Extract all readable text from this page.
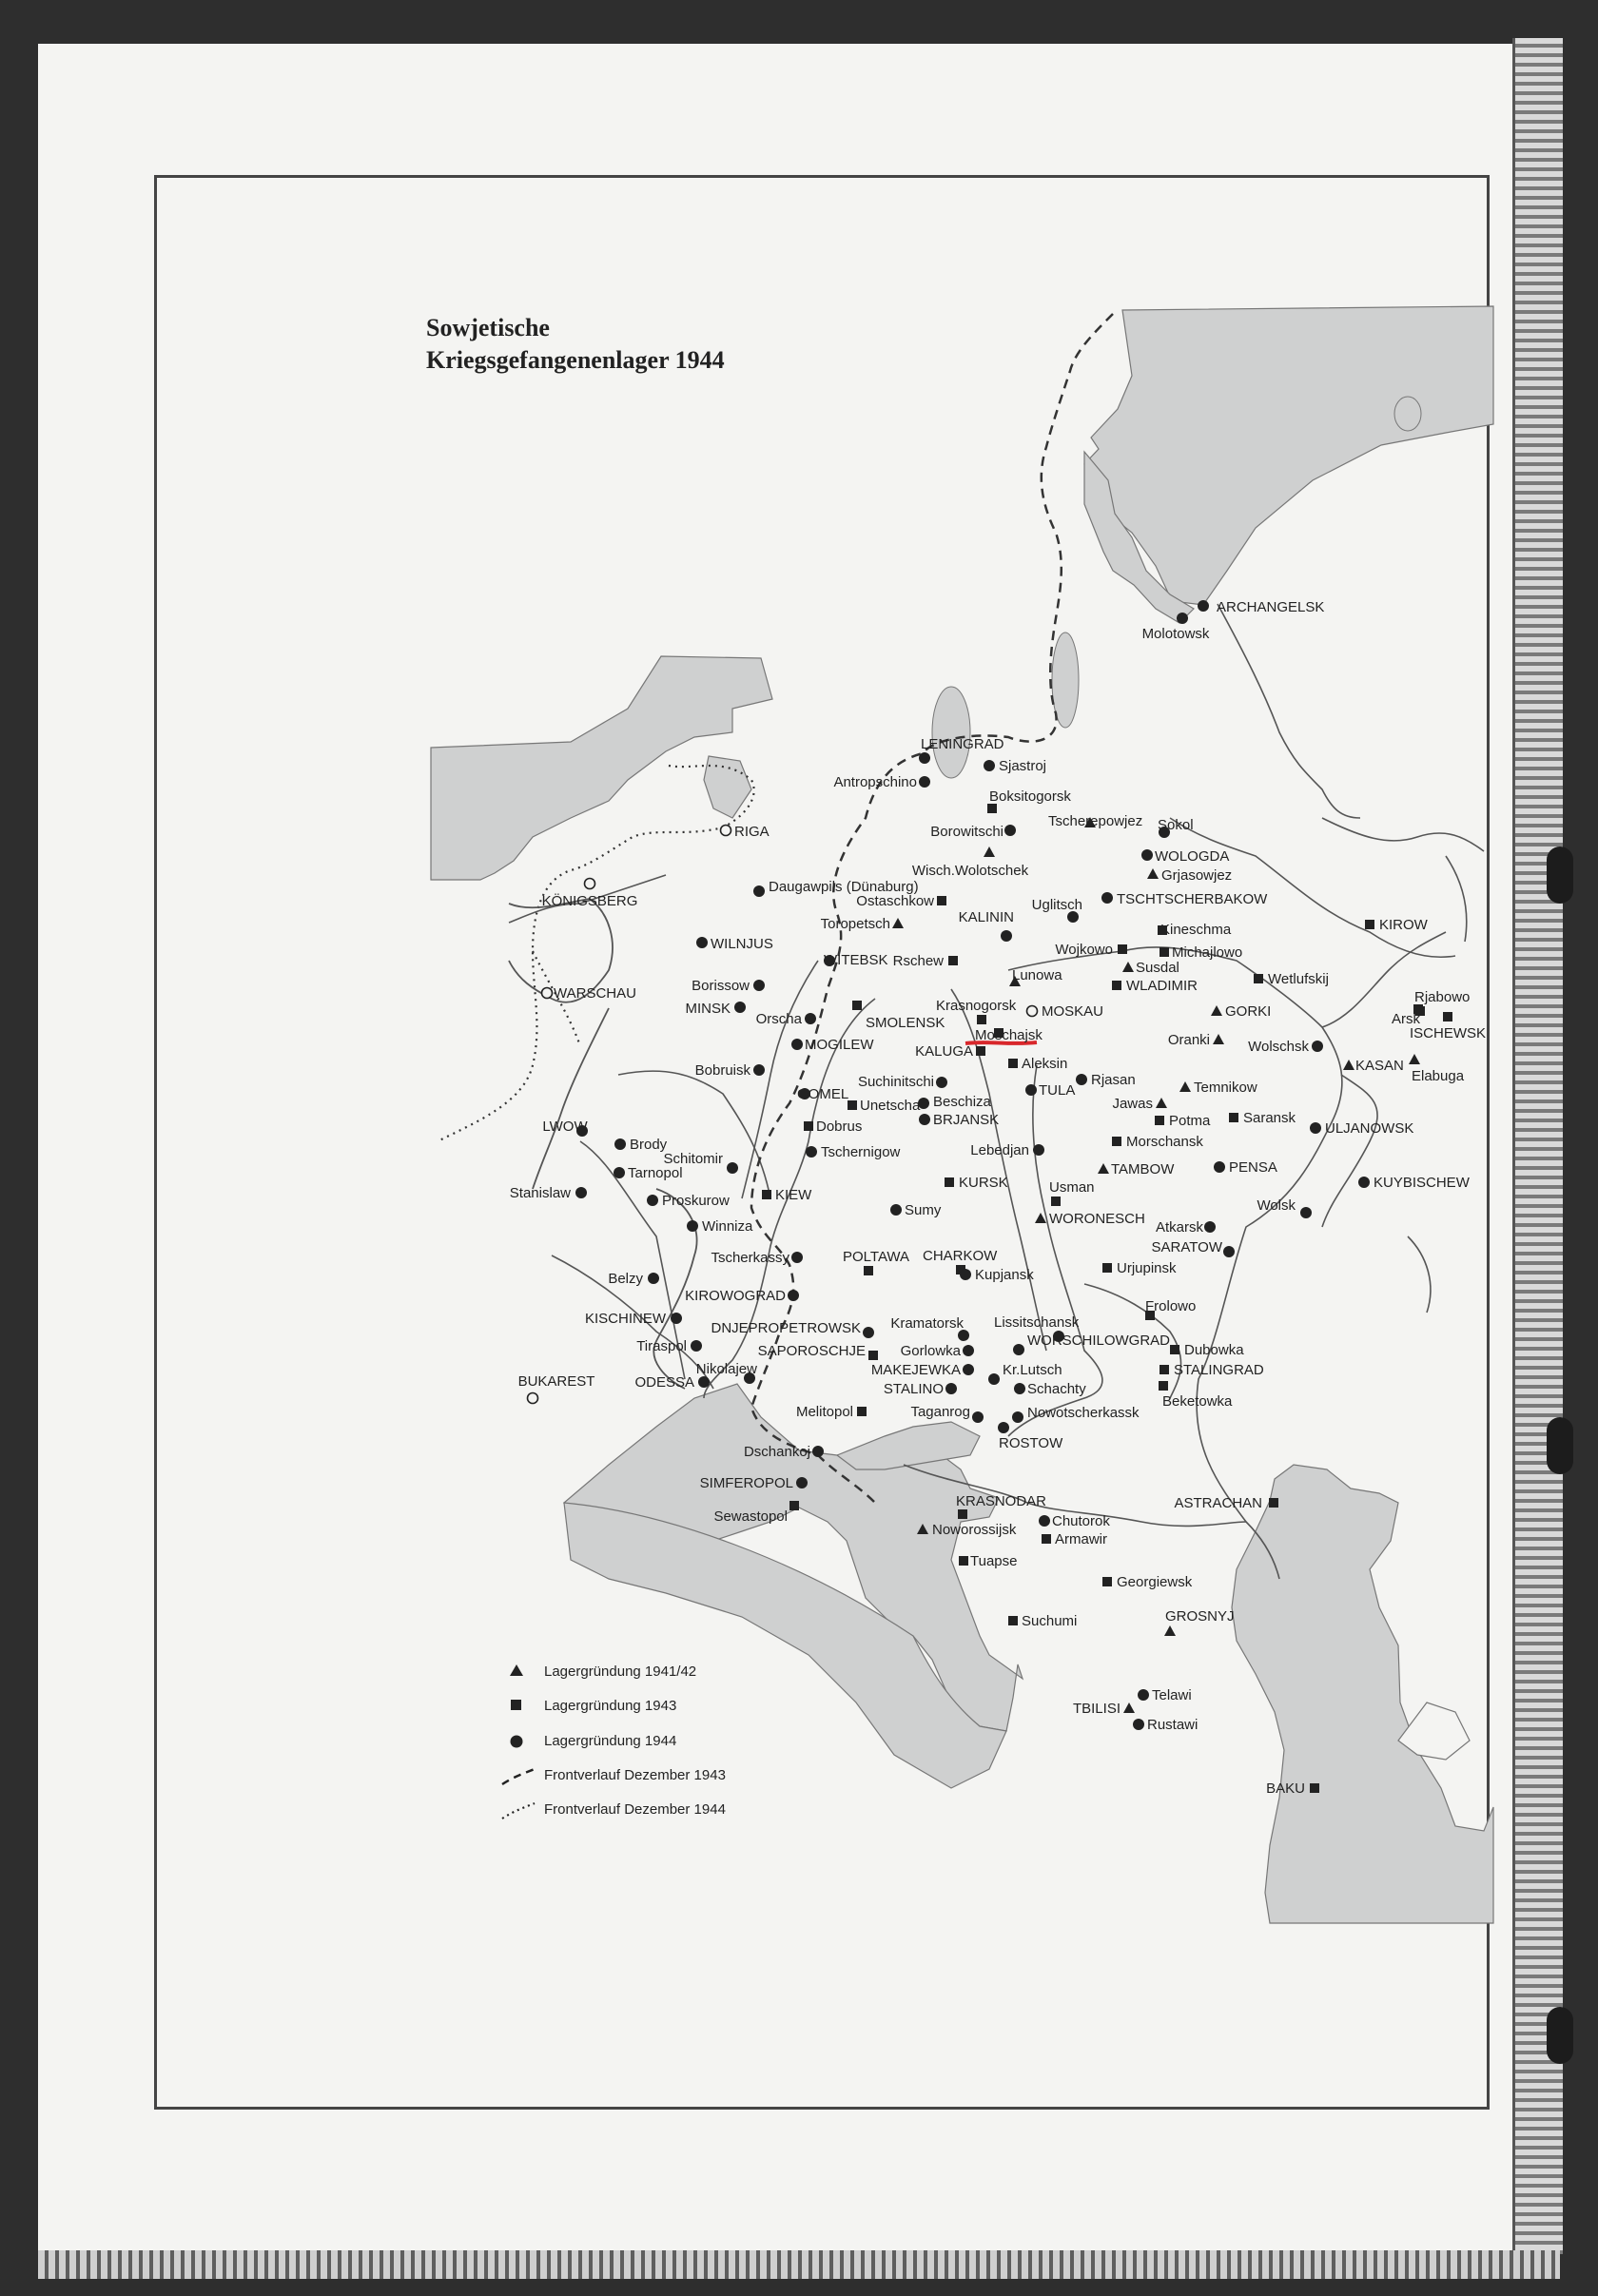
Sowjetische
Kriegsgefangenenlager 1944
ARCHANGELSK
Molotowsk
LENINGRAD
Sjastroj
Antropschino
Boksitogorsk
RIGA	Borowitschi
Tscherepowjez Sokol
WOLOGDA
Wisch.Wolotschek	Grjasowjez
KÖNIGSBERG
Daugawpils (Dünaburg)
Ostaschkow	Uglitsch TSCHTSCHERBAKOW
Toropetsch	KALININ	KIROW
WILNJUS
Kineschma
Wojkowo	Michajlowo
WITEBSK Rschew	Susdal
Wetlufskij
Borissow
Lunowa
WLADIMIR
Rjabowo
WARSCHAU
MINSK	Krasnogorsk MOSKAU	GORKI	Arsk
ISCHEWSK
Orscha	SMOLENSK
Moschajsk	Oranki
MOGILEW	KALUGA	Wolschsk
KASAN
Elabuga
Aleksin
Bobruisk
Suchinitschi	Rjasan	Temnikow
GOMEL	TULA
Unetscha Beschiza	Jawas
Potma
Dobrus	BRJANSK	Saransk
LWOW
Brody
ULJANOWSK
Tschernigow	Lebedjan
Morschansk
Tarnopol
Schitomir
TAMBOW	PENSA
KURSK	KUYBISCHEW
Stanislaw	Proskurow	KIEW	Usman
Sumy	Wolsk
WORONESCH
Winniza	Atkarsk
POLTAWA CHARKOW
SARATOW
Tscherkassy
Kupjansk	Urjupinsk
Belzy
KIROWOGRAD
Frolowo
KISCHINEW
DNJEPROPETROWSK Kramatorsk Lissitschansk
Tiraspol	WORSCHILOWGRAD
SAPOROSCHJE Gorlowka	Dubowka
Nikolajew	MAKEJEWKA	Kr.Lutsch	STALINGRAD
BUKAREST	ODESSA	STALINO	Schachty
Beketowka
Melitopol	Taganrog	Nowotscherkassk
ROSTOW
Dschankoj
SIMFEROPOL
KRASNODAR	ASTRACHAN
Sewastopol	Chutorok
Noworossijsk
Armawir
Tuapse
Georgiewsk
Suchumi	GROSNYJ
Telawi
TBILISI
Rustawi
BAKU
Lagergründung 1941/42
Lagergründung 1943
Lagergründung 1944
Frontverlauf Dezember 1943
Frontverlauf Dezember 1944
